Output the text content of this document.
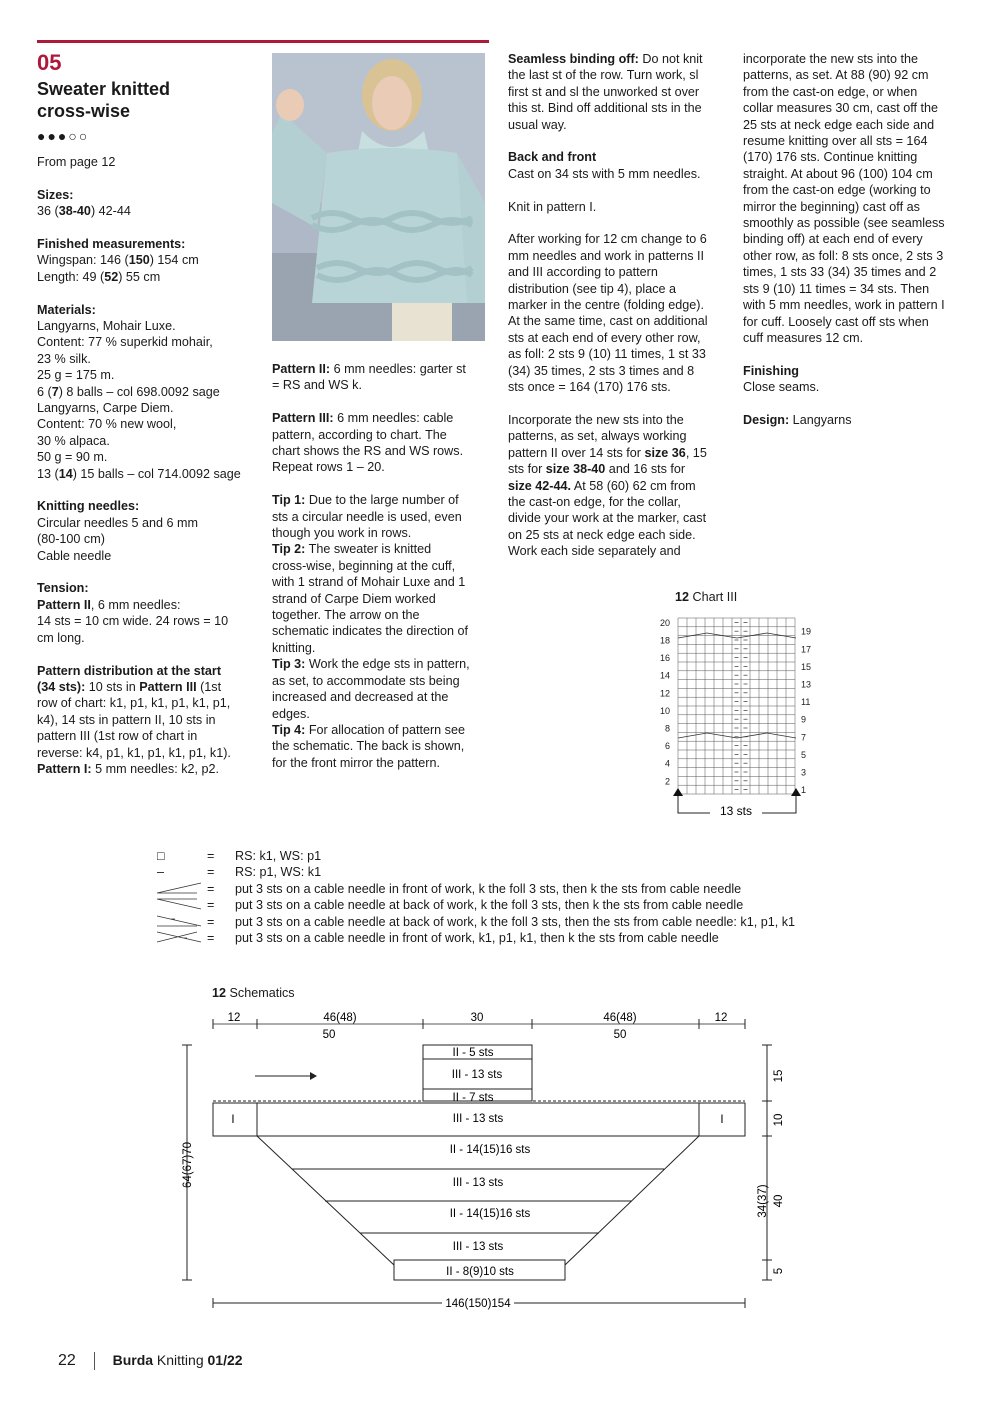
05
Sweater knitted
cross-wise
●●●○○

From page 12

Sizes:

36 (38-40) 42-44

Finished measurements:
Wingspan: 146 (150) 154 cm

Length: 49 (52) 55 cm

Materials:
Langyarns, Mohair Luxe.
Content: 77 % superkid mohair,
23 % silk.
25 g = 175 m.
6 (7) 8 balls – col 698.0092 sage
Langyarns, Carpe Diem.
Content: 70 % new wool,
30 % alpaca.
50 g = 90 m.

13 (14) 15 balls – col 714.0092 sage

Knitting needles:
Circular needles 5 and 6 mm
(80-100 cm)

Cable needle

Tension:
Pattern II, 6 mm needles:
14 sts = 10 cm wide. 24 rows = 10

cm long.

Pattern distribution at the start
(34 sts): 10 sts in Pattern III (1st
row of chart: k1, p1, k1, p1, k1, p1,
k4), 14 sts in pattern II, 10 sts in
pattern III (1st row of chart in
reverse: k4, p1, k1, p1, k1, p1, k1).
Pattern I: 5 mm needles: k2, p2.
Pattern II: 6 mm needles: garter st

= RS and WS k.

Pattern III: 6 mm needles: cable
pattern, according to chart. The
chart shows the RS and WS rows.

Repeat rows 1 – 20.

Tip 1: Due to the large number of
sts a circular needle is used, even
though you work in rows.
Tip 2: The sweater is knitted
cross-wise, beginning at the cuff,
with 1 strand of Mohair Luxe and 1
strand of Carpe Diem worked
together. The arrow on the
schematic indicates the direction of
knitting.
Tip 3: Work the edge sts in pattern,
as set, to accommodate sts being
increased and decreased at the
edges.
Tip 4: For allocation of pattern see
the schematic. The back is shown,
for the front mirror the pattern.
Seamless binding off: Do not knit
the last st of the row. Turn work, sl
first st and sl the unworked st over
this st. Bind off additional sts in the

usual way.

Back and front

Cast on 34 sts with 5 mm needles.

Knit in pattern I.

After working for 12 cm change to 6
mm needles and work in patterns II
and III according to pattern
distribution (see tip 4), place a
marker in the centre (folding edge).
At the same time, cast on additional
sts at each end of every other row,
as foll: 2 sts 9 (10) 11 times, 1 st 33
(34) 35 times, 2 sts 3 times and 8

sts once = 164 (170) 176 sts.

Incorporate the new sts into the
patterns, as set, always working
pattern II over 14 sts for size 36, 15
sts for size 38-40 and 16 sts for
size 42-44. At 58 (60) 62 cm from
the cast-on edge, for the collar,
divide your work at the marker, cast
on 25 sts at neck edge each side.
Work each side separately and
incorporate the new sts into the
patterns, as set. At 88 (90) 92 cm
from the cast-on edge, or when
collar measures 30 cm, cast off the
25 sts at neck edge each side and
resume knitting over all sts = 164
(170) 176 sts. Continue knitting
straight. At about 96 (100) 104 cm
from the cast-on edge (working to
mirror the beginning) cast off as
smoothly as possible (see seamless
binding off) at each end of every
other row, as foll: 8 sts once, 2 sts 3
times, 1 sts 33 (34) 35 times and 2
sts 9 (10) 11 times = 34 sts. Then
with 5 mm needles, work in pattern I
for cuff. Loosely cast off sts when

cuff measures 12 cm.

Finishing

Close seams.

Design: Langyarns
12 Chart III
20
18
16
14
12
10
8
6
4
2
19
17
15
13
11
9
7
5
3
1
13 sts
□	=	RS: k1, WS: p1
–	=	RS: p1, WS: k1
=	put 3 sts on a cable needle in front of work, k the foll 3 sts, then k the sts from cable needle
=	put 3 sts on a cable needle at back of work, k the foll 3 sts, then k the sts from cable needle
=	put 3 sts on a cable needle at back of work, k the foll 3 sts, then the sts from cable needle: k1, p1, k1
=	put 3 sts on a cable needle in front of work, k1, p1, k1, then k the sts from cable needle
12 Schematics
12	46(48)	30	46(48)	12
50	50
II - 5 sts
III - 13 sts
II - 7 sts
I	I
III - 13 sts
II - 14(15)16 sts
III - 13 sts
II - 14(15)16 sts
III - 13 sts
II - 8(9)10 sts
64(67)70
15
10
40
34(37)
5
146(150)154
22	Burda Knitting 01/22
